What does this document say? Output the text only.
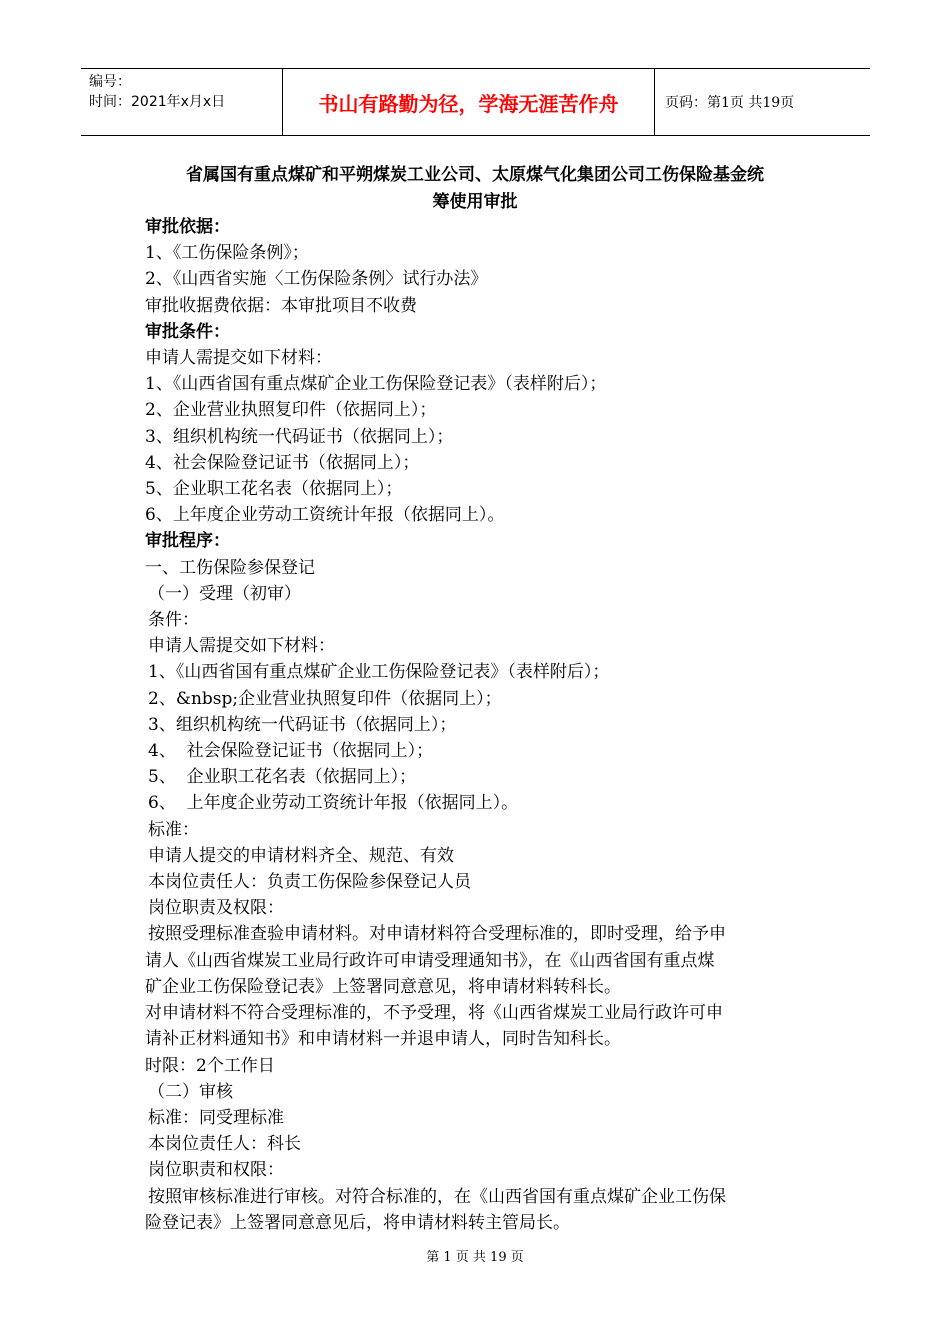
编号：
时间：2021年x月x日	书山有路勤为径，学海无涯苦作舟	页码：第1页 共19页
省属国有重点煤矿和平朔煤炭工业公司、太原煤气化集团公司工伤保险基金统
筹使用审批

审批依据：

1、《工伤保险条例》；

2、《山西省实施〈工伤保险条例〉试行办法》

审批收据费依据：本审批项目不收费

审批条件：

申请人需提交如下材料：

1、《山西省国有重点煤矿企业工伤保险登记表》（表样附后）；

2、企业营业执照复印件（依据同上）；

3、组织机构统一代码证书（依据同上）；

4、社会保险登记证书（依据同上）；

5、企业职工花名表（依据同上）；

6、上年度企业劳动工资统计年报（依据同上）。

审批程序：

一、工伤保险参保登记

（一）受理（初审）

条件：

申请人需提交如下材料：

1、《山西省国有重点煤矿企业工伤保险登记表》（表样附后）；

2、&nbsp;企业营业执照复印件（依据同上）；

3、组织机构统一代码证书（依据同上）；

4、  社会保险登记证书（依据同上）；

5、  企业职工花名表（依据同上）；

6、  上年度企业劳动工资统计年报（依据同上）。

标准：

申请人提交的申请材料齐全、规范、有效

本岗位责任人：负责工伤保险参保登记人员

岗位职责及权限：

按照受理标准查验申请材料。对申请材料符合受理标准的，即时受理，给予申

请人《山西省煤炭工业局行政许可申请受理通知书》，在《山西省国有重点煤

矿企业工伤保险登记表》上签署同意意见，将申请材料转科长。

对申请材料不符合受理标准的，不予受理，将《山西省煤炭工业局行政许可申

请补正材料通知书》和申请材料一并退申请人，同时告知科长。

时限：2个工作日

（二）审核

标准：同受理标准

本岗位责任人：科长

岗位职责和权限：

按照审核标准进行审核。对符合标准的，在《山西省国有重点煤矿企业工伤保

险登记表》上签署同意意见后，将申请材料转主管局长。

第 1 页 共 19 页
